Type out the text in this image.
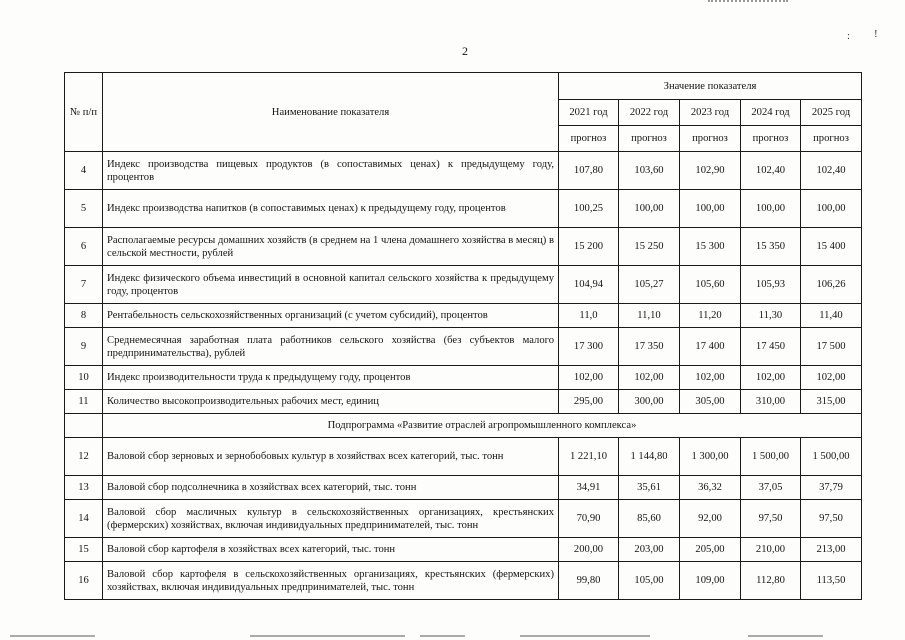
: !
2
№ п/п	Наименование показателя	Значение показателя				
		2021 год	2022 год	2023 год	2024 год	2025 год
		прогноз	прогноз	прогноз	прогноз	прогноз
4	Индекс производства пищевых продуктов (в сопоставимых ценах) к предыдущему году, процентов	107,80	103,60	102,90	102,40	102,40
5	Индекс производства напитков (в сопоставимых ценах) к предыдущему году, процентов	100,25	100,00	100,00	100,00	100,00
6	Располагаемые ресурсы домашних хозяйств (в среднем на 1 члена домашнего хозяйства в месяц) в сельской местности, рублей	15 200	15 250	15 300	15 350	15 400
7	Индекс физического объема инвестиций в основной капитал сельского хозяйства к предыдущему году, процентов	104,94	105,27	105,60	105,93	106,26
8	Рентабельность сельскохозяйственных организаций (с учетом субсидий), процентов	11,0	11,10	11,20	11,30	11,40
9	Среднемесячная заработная плата работников сельского хозяйства (без субъектов малого предпринимательства), рублей	17 300	17 350	17 400	17 450	17 500
10	Индекс производительности труда к предыдущему году, процентов	102,00	102,00	102,00	102,00	102,00
11	Количество высокопроизводительных рабочих мест, единиц	295,00	300,00	305,00	310,00	315,00
	Подпрограмма «Развитие отраслей агропромышленного комплекса»					
12	Валовой сбор зерновых и зернобобовых культур в хозяйствах всех категорий, тыс. тонн	1 221,10	1 144,80	1 300,00	1 500,00	1 500,00
13	Валовой сбор подсолнечника в хозяйствах всех категорий, тыс. тонн	34,91	35,61	36,32	37,05	37,79
14	Валовой сбор масличных культур в сельскохозяйственных организациях, крестьянских (фермерских) хозяйствах, включая индивидуальных предпринимателей, тыс. тонн	70,90	85,60	92,00	97,50	97,50
15	Валовой сбор картофеля в хозяйствах всех категорий, тыс. тонн	200,00	203,00	205,00	210,00	213,00
16	Валовой сбор картофеля в сельскохозяйственных организациях, крестьянских (фермерских) хозяйствах, включая индивидуальных предпринимателей, тыс. тонн	99,80	105,00	109,00	112,80	113,50
